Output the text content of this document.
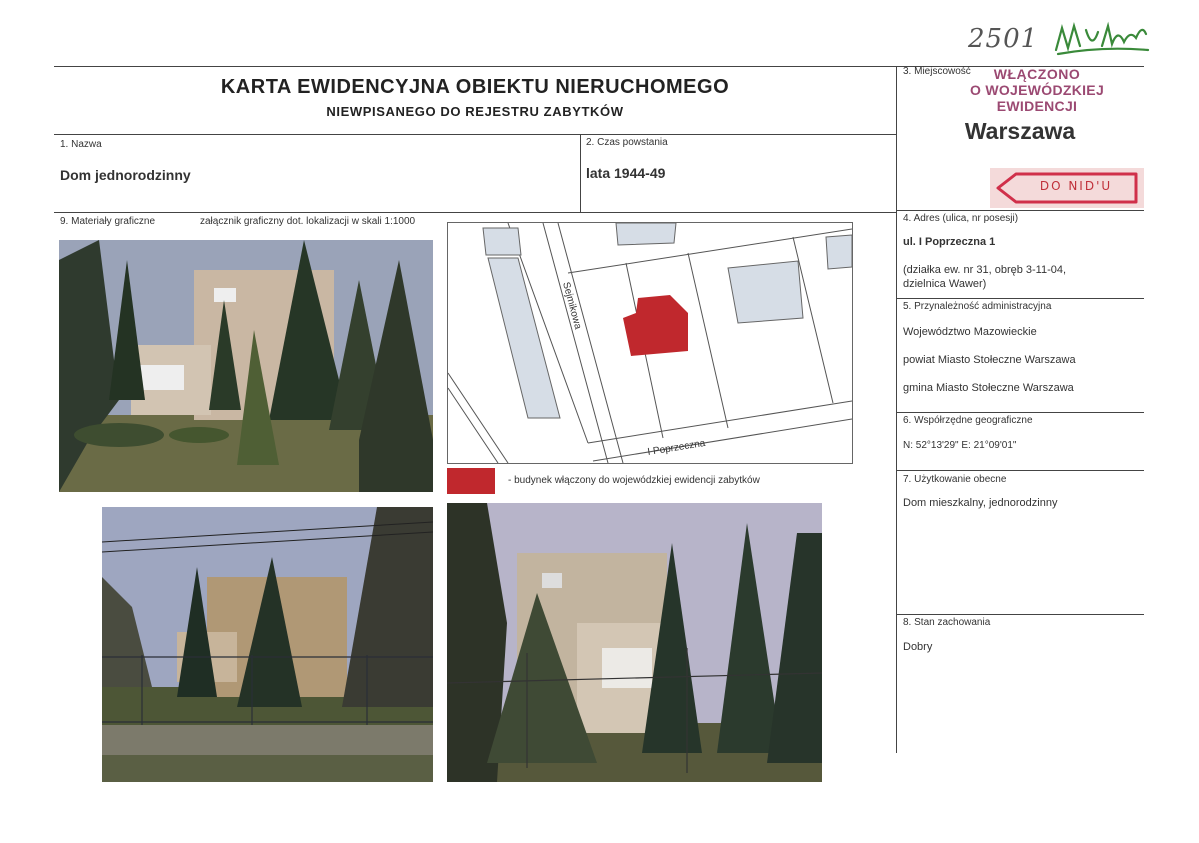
2501
KARTA EWIDENCYJNA OBIEKTU NIERUCHOMEGO
NIEWPISANEGO DO REJESTRU ZABYTKÓW
1. Nazwa
Dom jednorodzinny
2. Czas powstania
lata 1944-49
9. Materiały graficzne	załącznik graficzny dot. lokalizacji w skali 1:1000
3. Miejscowość	WŁĄCZONO
O WOJEWÓDZKIEJ EWIDENCJI
Warszawa
DO NID'U
4. Adres (ulica, nr posesji)
ul. I Poprzeczna 1
(działka ew. nr 31, obręb 3-11-04,
dzielnica Wawer)
5. Przynależność administracyjna
Województwo Mazowieckie
powiat Miasto Stołeczne Warszawa
gmina Miasto Stołeczne Warszawa
6. Współrzędne geograficzne
N: 52°13'29" E: 21°09'01"
7. Użytkowanie obecne
Dom mieszkalny, jednorodzinny
8. Stan zachowania
Dobry
Sejmikowa
I Poprzeczna
- budynek włączony do wojewódzkiej ewidencji zabytków
